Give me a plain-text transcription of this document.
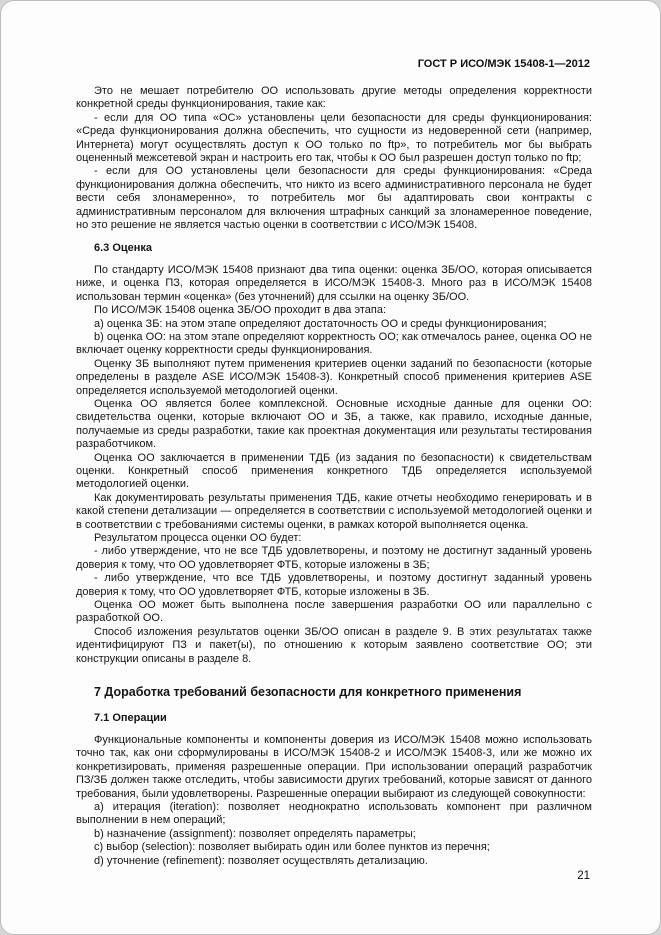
ГОСТ Р ИСО/МЭК 15408-1—2012

Это не мешает потребителю ОО использовать другие методы определения корректности конкретной среды функционирования, такие как:

- если для ОО типа «ОС» установлены цели безопасности для среды функционирования: «Среда функционирования должна обеспечить, что сущности из недоверенной сети (например, Интернета) могут осуществлять доступ к ОО только по ftp», то потребитель мог бы выбрать оцененный межсетевой экран и настроить его так, чтобы к ОО был разрешен доступ только по ftp;

- если для ОО установлены цели безопасности для среды функционирования: «Среда функционирования должна обеспечить, что никто из всего административного персонала не будет вести себя злонамеренно», то потребитель мог бы адаптировать свои контракты с административным персоналом для включения штрафных санкций за злонамеренное поведение, но это решение не является частью оценки в соответствии с ИСО/МЭК 15408.

6.3 Оценка

По стандарту ИСО/МЭК 15408 признают два типа оценки: оценка ЗБ/ОО, которая описывается ниже, и оценка ПЗ, которая определяется в ИСО/МЭК 15408-3. Много раз в ИСО/МЭК 15408 использован термин «оценка» (без уточнений) для ссылки на оценку ЗБ/ОО.

По ИСО/МЭК 15408 оценка ЗБ/ОО проходит в два этапа:

а) оценка ЗБ: на этом этапе определяют достаточность ОО и среды функционирования;

b) оценка ОО: на этом этапе определяют корректность ОО; как отмечалось ранее, оценка ОО не включает оценку корректности среды функционирования.

Оценку ЗБ выполняют путем применения критериев оценки заданий по безопасности (которые определены в разделе ASE ИСО/МЭК 15408-3). Конкретный способ применения критериев ASE определяется используемой методологией оценки.

Оценка ОО является более комплексной. Основные исходные данные для оценки ОО: свидетельства оценки, которые включают ОО и ЗБ, а также, как правило, исходные данные, получаемые из среды разработки, такие как проектная документация или результаты тестирования разработчиком.

Оценка ОО заключается в применении ТДБ (из задания по безопасности) к свидетельствам оценки. Конкретный способ применения конкретного ТДБ определяется используемой методологией оценки.

Как документировать результаты применения ТДБ, какие отчеты необходимо генерировать и в какой степени детализации — определяется в соответствии с используемой методологией оценки и в соответствии с требованиями системы оценки, в рамках которой выполняется оценка.

Результатом процесса оценки ОО будет:

- либо утверждение, что не все ТДБ удовлетворены, и поэтому не достигнут заданный уровень доверия к тому, что ОО удовлетворяет ФТБ, которые изложены в ЗБ;

- либо утверждение, что все ТДБ удовлетворены, и поэтому достигнут заданный уровень доверия к тому, что ОО удовлетворяет ФТБ, которые изложены в ЗБ.

Оценка ОО может быть выполнена после завершения разработки ОО или параллельно с разработкой ОО.

Способ изложения результатов оценки ЗБ/ОО описан в разделе 9. В этих результатах также идентифицируют ПЗ и пакет(ы), по отношению к которым заявлено соответствие ОО; эти конструкции описаны в разделе 8.

7 Доработка требований безопасности для конкретного применения
7.1 Операции

Функциональные компоненты и компоненты доверия из ИСО/МЭК 15408 можно использовать точно так, как они сформулированы в ИСО/МЭК 15408-2 и ИСО/МЭК 15408-3, или же можно их конкретизировать, применяя разрешенные операции. При использовании операций разработчик ПЗ/ЗБ должен также отследить, чтобы зависимости других требований, которые зависят от данного требования, были удовлетворены. Разрешенные операции выбирают из следующей совокупности:

а) итерация (iteration): позволяет неоднократно использовать компонент при различном выполнении в нем операций;

b) назначение (assignment): позволяет определять параметры;

c) выбор (selection): позволяет выбирать один или более пунктов из перечня;

d) уточнение (refinement): позволяет осуществлять детализацию.

21
